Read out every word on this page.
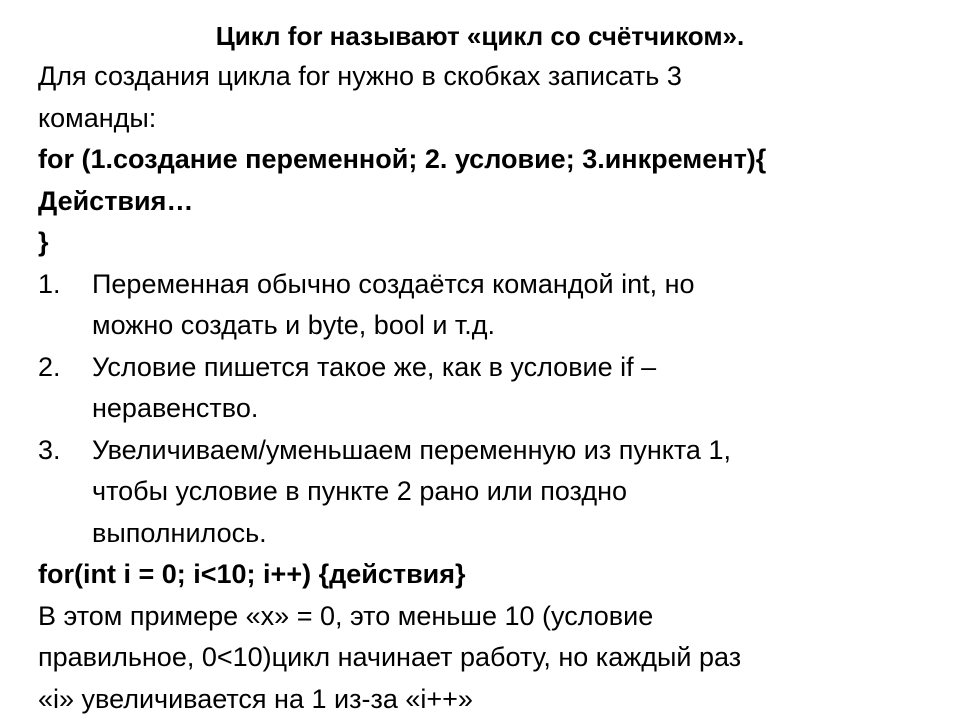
Цикл for называют «цикл со счётчиком».
Для создания цикла for нужно в скобках записать 3
команды:
for (1.создание переменной; 2. условие; 3.инкремент){
Действия…
}
1.	Переменная обычно создаётся командой int, но
можно создать и byte, bool и т.д.
2.	Условие пишется такое же, как в условие if –
неравенство.
3.	Увеличиваем/уменьшаем переменную из пункта 1,
чтобы условие в пункте 2 рано или поздно
выполнилось.
for(int i = 0; i<10; i++) {действия}
В этом примере «x» = 0, это меньше 10 (условие
правильное, 0<10)цикл начинает работу, но каждый раз
«i» увеличивается на 1 из-за «i++»
